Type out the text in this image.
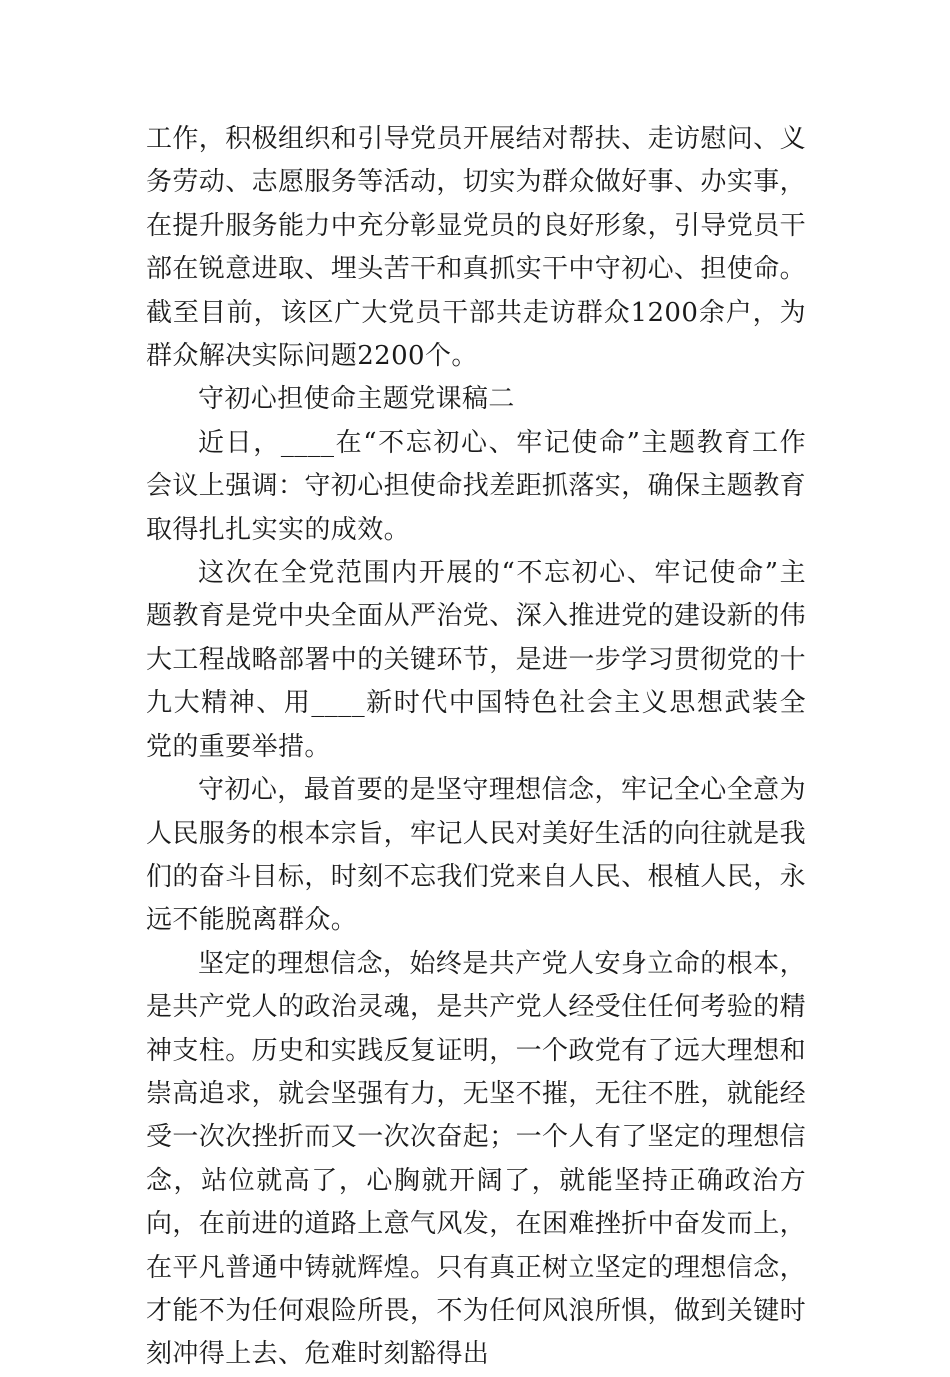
工作，积极组织和引导党员开展结对帮扶、走访慰问、义务劳动、志愿服务等活动，切实为群众做好事、办实事，在提升服务能力中充分彰显党员的良好形象，引导党员干部在锐意进取、埋头苦干和真抓实干中守初心、担使命。截至目前，该区广大党员干部共走访群众1200余户，为群众解决实际问题2200个。

守初心担使命主题党课稿二

近日，____在“不忘初心、牢记使命”主题教育工作会议上强调：守初心担使命找差距抓落实，确保主题教育取得扎扎实实的成效。

这次在全党范围内开展的“不忘初心、牢记使命”主题教育是党中央全面从严治党、深入推进党的建设新的伟大工程战略部署中的关键环节，是进一步学习贯彻党的十九大精神、用____新时代中国特色社会主义思想武装全党的重要举措。

守初心，最首要的是坚守理想信念，牢记全心全意为人民服务的根本宗旨，牢记人民对美好生活的向往就是我们的奋斗目标，时刻不忘我们党来自人民、根植人民，永远不能脱离群众。

坚定的理想信念，始终是共产党人安身立命的根本，是共产党人的政治灵魂，是共产党人经受住任何考验的精神支柱。历史和实践反复证明，一个政党有了远大理想和崇高追求，就会坚强有力，无坚不摧，无往不胜，就能经受一次次挫折而又一次次奋起；一个人有了坚定的理想信念，站位就高了，心胸就开阔了，就能坚持正确政治方向，在前进的道路上意气风发，在困难挫折中奋发而上，在平凡普通中铸就辉煌。只有真正树立坚定的理想信念，才能不为任何艰险所畏，不为任何风浪所惧，做到关键时刻冲得上去、危难时刻豁得出
